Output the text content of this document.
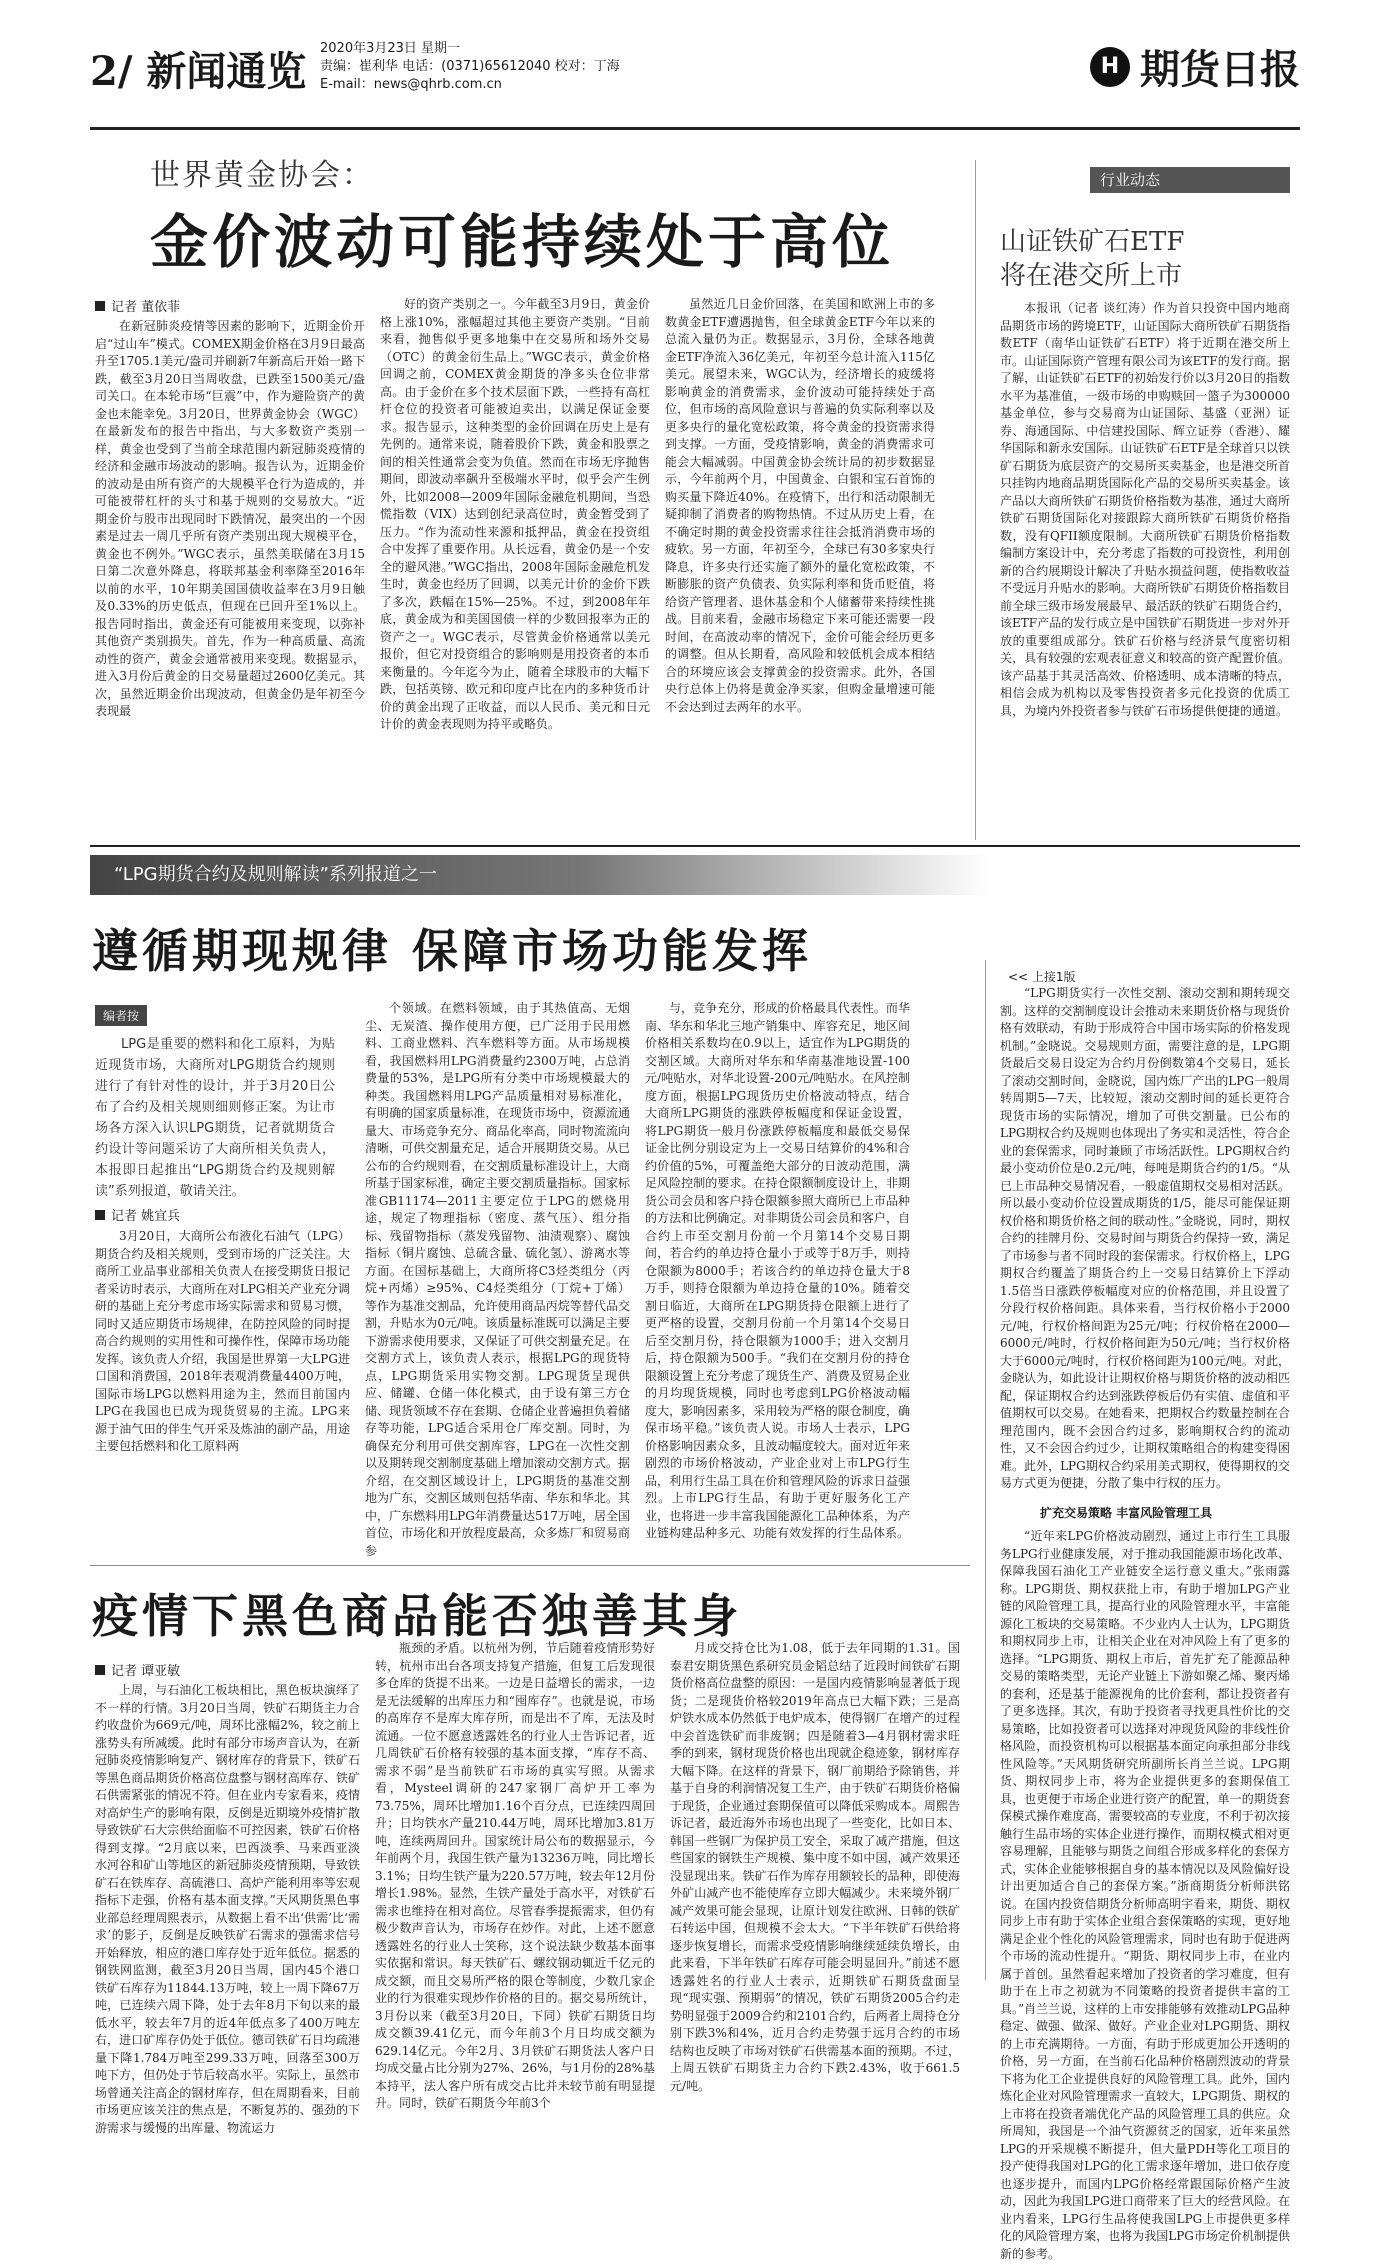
2/ 新闻通览 2020年3月23日 星期一
责编：崔利华 电话：(0371)65612040 校对：丁海
E-mail：news@qhrb.com.cn
H 期货日报
世界黄金协会：
金价波动可能持续处于高位
记者 董依菲

在新冠肺炎疫情等因素的影响下，近期金价开启“过山车”模式。COMEX期金价格在3月9日最高升至1705.1美元/盎司并刷新7年新高后开始一路下跌，截至3月20日当周收盘，已跌至1500美元/盎司关口。在本轮市场“巨震”中，作为避险资产的黄金也未能幸免。3月20日，世界黄金协会（WGC）在最新发布的报告中指出，与大多数资产类别一样，黄金也受到了当前全球范围内新冠肺炎疫情的经济和金融市场波动的影响。报告认为，近期金价的波动是由所有资产的大规模平仓行为造成的，并可能被带杠杆的头寸和基于规则的交易放大。“近期金价与股市出现同时下跌情况，最突出的一个因素是过去一周几乎所有资产类别出现大规模平仓，黄金也不例外。”WGC表示，虽然美联储在3月15日第二次意外降息，将联邦基金利率降至2016年以前的水平，10年期美国国债收益率在3月9日触及0.33%的历史低点，但现在已回升至1%以上。报告同时指出，黄金还有可能被用来变现，以弥补其他资产类别损失。首先，作为一种高质量、高流动性的资产，黄金会通常被用来变现。数据显示，进入3月份后黄金的日交易量超过2600亿美元。其次，虽然近期金价出现波动，但黄金仍是年初至今表现最

好的资产类别之一。今年截至3月9日，黄金价格上涨10%，涨幅超过其他主要资产类别。“目前来看，抛售似乎更多地集中在交易所和场外交易（OTC）的黄金衍生品上。”WGC表示，黄金价格回调之前，COMEX黄金期货的净多头仓位非常高。由于金价在多个技术层面下跌，一些持有高杠杆仓位的投资者可能被迫卖出，以满足保证金要求。报告显示，这种类型的金价回调在历史上是有先例的。通常来说，随着股价下跌，黄金和股票之间的相关性通常会变为负值。然而在市场无序抛售期间，即波动率飙升至极端水平时，似乎会产生例外，比如2008—2009年国际金融危机期间，当恐慌指数（VIX）达到创纪录高位时，黄金暂受到了压力。“作为流动性来源和抵押品，黄金在投资组合中发挥了重要作用。从长远看，黄金仍是一个安全的避风港。”WGC指出，2008年国际金融危机发生时，黄金也经历了回调，以美元计价的金价下跌了多次，跌幅在15%—25%。不过，到2008年年底，黄金成为和美国国债一样的少数回报率为正的资产之一。WGC表示，尽管黄金价格通常以美元报价，但它对投资组合的影响则是用投资者的本币来衡量的。今年迄今为止，随着全球股市的大幅下跌，包括英镑、欧元和印度卢比在内的多种货币计价的黄金出现了正收益，而以人民币、美元和日元计价的黄金表现则为持平或略负。

虽然近几日金价回落，在美国和欧洲上市的多数黄金ETF遭遇抛售，但全球黄金ETF今年以来的总流入量仍为正。数据显示，3月份，全球各地黄金ETF净流入36亿美元，年初至今总计流入115亿美元。展望未来，WGC认为，经济增长的疲缓将影响黄金的消费需求，金价波动可能持续处于高位，但市场的高风险意识与普遍的负实际利率以及更多央行的量化宽松政策，将令黄金的投资需求得到支撑。一方面，受疫情影响，黄金的消费需求可能会大幅减弱。中国黄金协会统计局的初步数据显示，今年前两个月，中国黄金、白银和宝石首饰的购买量下降近40%。在疫情下，出行和活动限制无疑抑制了消费者的购物热情。不过从历史上看，在不确定时期的黄金投资需求往往会抵消消费市场的疲软。另一方面，年初至今，全球已有30多家央行降息，许多央行还实施了额外的量化宽松政策，不断膨胀的资产负债表、负实际利率和货币贬值，将给资产管理者、退休基金和个人储蓄带来持续性挑战。目前来看，金融市场稳定下来可能还需要一段时间，在高波动率的情况下，金价可能会经历更多的调整。但从长期看，高风险和较低机会成本相结合的环境应该会支撑黄金的投资需求。此外，各国央行总体上仍将是黄金净买家，但购金量增速可能不会达到过去两年的水平。

行业动态
山证铁矿石ETF
将在港交所上市

本报讯（记者 谈红涛）作为首只投资中国内地商品期货市场的跨境ETF，山证国际大商所铁矿石期货指数ETF（南华山证铁矿石ETF）将于近期在港交所上市。山证国际资产管理有限公司为该ETF的发行商。据了解，山证铁矿石ETF的初始发行价以3月20日的指数水平为基准值，一级市场的申购赎回一篮子为300000基金单位，参与交易商为山证国际、基盛（亚洲）证券、海通国际、中信建投国际、辉立证券（香港）、耀华国际和新永安国际。山证铁矿石ETF是全球首只以铁矿石期货为底层资产的交易所买卖基金，也是港交所首只挂钩内地商品期货国际化产品的交易所买卖基金。该产品以大商所铁矿石期货价格指数为基准，通过大商所铁矿石期货国际化对接跟踪大商所铁矿石期货价格指数，没有QFII额度限制。大商所铁矿石期货价格指数编制方案设计中，充分考虑了指数的可投资性，利用创新的合约展期设计解决了升贴水损益问题，使指数收益不受远月升贴水的影响。大商所铁矿石期货价格指数目前全球三级市场发展最早、最活跃的铁矿石期货合约，该ETF产品的发行成立是中国铁矿石期货进一步对外开放的重要组成部分。铁矿石价格与经济景气度密切相关，具有较强的宏观表征意义和较高的资产配置价值。该产品基于其灵活高效、价格透明、成本清晰的特点，相信会成为机构以及零售投资者多元化投资的优质工具，为境内外投资者参与铁矿石市场提供便捷的通道。

“LPG期货合约及规则解读”系列报道之一
遵循期现规律 保障市场功能发挥
编者按
LPG是重要的燃料和化工原料，为贴近现货市场，大商所对LPG期货合约规则进行了有针对性的设计，并于3月20日公布了合约及相关规则细则修正案。为让市场各方深入认识LPG期货，记者就期货合约设计等问题采访了大商所相关负责人，本报即日起推出“LPG期货合约及规则解读”系列报道，敬请关注。
记者 姚宜兵

3月20日，大商所公布液化石油气（LPG）期货合约及相关规则，受到市场的广泛关注。大商所工业品事业部相关负责人在接受期货日报记者采访时表示，大商所在对LPG相关产业充分调研的基础上充分考虑市场实际需求和贸易习惯，同时又适应期货市场规律，在防控风险的同时提高合约规则的实用性和可操作性，保障市场功能发挥。该负责人介绍，我国是世界第一大LPG进口国和消费国，2018年表观消费量4400万吨，国际市场LPG以燃料用途为主，然而目前国内LPG在我国也已成为现货贸易的主流。LPG来源于油气田的伴生气开采及炼油的副产品，用途主要包括燃料和化工原料两

个领域。在燃料领域，由于其热值高、无烟尘、无炭渣、操作使用方便，已广泛用于民用燃料、工商业燃料、汽车燃料等方面。从市场规模看，我国燃料用LPG消费量约2300万吨，占总消费量的53%，是LPG所有分类中市场规模最大的种类。我国燃料用LPG产品质量相对易标准化，有明确的国家质量标准，在现货市场中，资源流通量大、市场竞争充分、商品化率高，同时物流流向清晰，可供交割量充足，适合开展期货交易。从已公布的合约规则看，在交割质量标准设计上，大商所基于国家标准，确定主要交割质量指标。国家标准GB11174—2011主要定位于LPG的燃烧用途，规定了物理指标（密度、蒸气压）、组分指标、残留物指标（蒸发残留物、油渍观察）、腐蚀指标（铜片腐蚀、总硫含量、硫化氢）、游离水等方面。在国标基础上，大商所将C3烃类组分（丙烷+丙烯）≥95%、C4烃类组分（丁烷+丁烯）等作为基准交割品，允许使用商品丙烷等替代品交割，升贴水为0元/吨。该质量标准既可以满足主要下游需求使用要求，又保证了可供交割量充足。在交割方式上，该负责人表示，根据LPG的现货特点，LPG期货采用实物交割。LPG现货呈现供应、储罐、仓储一体化模式，由于设有第三方仓储、现货领域不存在套期、仓储企业普遍担负着储存等功能，LPG适合采用仓厂库交割。同时，为确保充分利用可供交割库容，LPG在一次性交割以及期转现交割制度基础上增加滚动交割方式。据介绍，在交割区域设计上，LPG期货的基准交割地为广东，交割区域则包括华南、华东和华北。其中，广东燃料用LPG年消费量达517万吨，居全国首位，市场化和开放程度最高，众多炼厂和贸易商参

与，竞争充分，形成的价格最具代表性。而华南、华东和华北三地产销集中、库容充足，地区间价格相关系数均在0.9以上，适宜作为LPG期货的交割区域。大商所对华东和华南基准地设置-100元/吨贴水，对华北设置-200元/吨贴水。在风控制度方面，根据LPG现货历史价格波动特点，结合大商所LPG期货的涨跌停板幅度和保证金设置，将LPG期货一般月份涨跌停板幅度和最低交易保证金比例分别设定为上一交易日结算价的4%和合约价值的5%，可覆盖绝大部分的日波动范围，满足风险控制的要求。在持仓限额制度设计上，非期货公司会员和客户持仓限额参照大商所已上市品种的方法和比例确定。对非期货公司会员和客户，自合约上市至交割月份前一个月第14个交易日期间，若合约的单边持仓量小于或等于8万手，则持仓限额为8000手；若该合约的单边持仓量大于8万手，则持仓限额为单边持仓量的10%。随着交割日临近，大商所在LPG期货持仓限额上进行了更严格的设置，交割月份前一个月第14个交易日后至交割月份，持仓限额为1000手；进入交割月后，持仓限额为500手。“我们在交割月份的持仓限额设置上充分考虑了现货生产、消费及贸易企业的月均现货规模，同时也考虑到LPG价格波动幅度大，影响因素多，采用较为严格的限仓制度，确保市场平稳。”该负责人说。市场人士表示，LPG价格影响因素众多，且波动幅度较大。面对近年来剧烈的市场价格波动，产业企业对上市LPG行生品，利用行生品工具在价和管理风险的诉求日益强烈。上市LPG行生品，有助于更好服务化工产业，也将进一步丰富我国能源化工品种体系，为产业链构建品种多元、功能有效发挥的行生品体系。

<< 上接1版

“LPG期货实行一次性交割、滚动交割和期转现交割。这样的交割制度设计会推动未来期货价格与现货价格有效联动，有助于形成符合中国市场实际的价格发现机制。”金晓说。交易规则方面，需要注意的是，LPG期货最后交易日设定为合约月份倒数第4个交易日，延长了滚动交割时间，金晓说，国内炼厂产出的LPG一般周转周期5—7天，比较短，滚动交割时间的延长更符合现货市场的实际情况，增加了可供交割量。已公布的LPG期权合约及规则也体现出了务实和灵活性，符合企业的套保需求，同时兼顾了市场活跃性。LPG期权合约最小变动价位是0.2元/吨，每吨是期货合约的1/5。“从已上市品种交易情况看，一般虚值期权交易相对活跃。所以最小变动价位设置成期货的1/5，能尽可能保证期权价格和期货价格之间的联动性。”金晓说，同时，期权合约的挂牌月份、交易时间与期货合约保持一致，满足了市场参与者不同时段的套保需求。行权价格上，LPG期权合约覆盖了期货合约上一交易日结算价上下浮动1.5倍当日涨跌停板幅度对应的价格范围，并且设置了分段行权价格间距。具体来看，当行权价格小于2000元/吨，行权价格间距为25元/吨；行权价格在2000—6000元/吨时，行权价格间距为50元/吨；当行权价格大于6000元/吨时，行权价格间距为100元/吨。对此，金晓认为，如此设计让期权价格与期货价格的波动相匹配，保证期权合约达到涨跌停板后仍有实值、虚值和平值期权可以交易。在她看来，把期权合约数量控制在合理范围内，既不会因合约过多，影响期权合约的流动性，又不会因合约过少，让期权策略组合的构建变得困难。此外，LPG期权合约采用美式期权，使得期权的交易方式更为便捷，分散了集中行权的压力。

扩充交易策略 丰富风险管理工具

“近年来LPG价格波动剧烈，通过上市行生工具服务LPG行业健康发展，对于推动我国能源市场化改革、保障我国石油化工产业链安全运行意义重大。”张雨露称。LPG期货、期权获批上市，有助于增加LPG产业链的风险管理工具，提高行业的风险管理水平，丰富能源化工板块的交易策略。不少业内人士认为，LPG期货和期权同步上市，让相关企业在对冲风险上有了更多的选择。“LPG期货、期权上市后，首先扩充了能源品种交易的策略类型，无论产业链上下游如聚乙烯、聚丙烯的套利，还是基于能源视角的比价套利，都让投资者有了更多选择。其次，有助于投资者寻找更具性价比的交易策略，比如投资者可以选择对冲现货风险的非线性价格风险，而投资机构可以根据基本面定向承担部分非线性风险等。”天风期货研究所副所长肖兰兰说。LPG期货、期权同步上市，将为企业提供更多的套期保值工具，也更便于市场企业进行资产的配置，单一的期货套保模式操作难度高，需要较高的专业度，不利于初次接触行生品市场的实体企业进行操作，而期权模式相对更容易理解，且能够与期货之间组合形成多样化的套保方式，实体企业能够根据自身的基本情况以及风险偏好设计出更加适合自己的套保方案。”浙商期货分析师洪铭说。在国内投资信期货分析师高明宇看来，期货、期权同步上市有助于实体企业组合套保策略的实现，更好地满足企业个性化的风险管理需求，同时也有助于促进两个市场的流动性提升。“期货、期权同步上市，在业内属于首创。虽然看起来增加了投资者的学习难度，但有助于在上市之初就为不同策略的投资者提供丰富的工具。”肖兰兰说，这样的上市安排能够有效推动LPG品种稳定、做强、做深、做好。产业企业对LPG期货、期权的上市充满期待。一方面，有助于形成更加公开透明的价格，另一方面，在当前石化品种价格剧烈波动的背景下将为化工企业提供良好的风险管理工具。此外，国内炼化企业对风险管理需求一直较大，LPG期货、期权的上市将在投资者端优化产品的风险管理工具的供应。众所周知，我国是一个油气资源贫乏的国家，近年来虽然LPG的开采规模不断提升，但大量PDH等化工项目的投产使得我国对LPG的化工需求逐年增加，进口依存度也逐步提升，而国内LPG价格经常跟国际价格产生波动，因此为我国LPG进口商带来了巨大的经营风险。在业内看来，LPG行生品将使我国LPG上市提供更多样化的风险管理方案，也将为我国LPG市场定价机制提供新的参考。

疫情下黑色商品能否独善其身
记者 谭亚敏

上周，与石油化工板块相比，黑色板块演绎了不一样的行情。3月20日当周，铁矿石期货主力合约收盘价为669元/吨，周环比涨幅2%，较之前上涨势头有所减缓。此时有部分市场声音认为，在新冠肺炎疫情影响复产、钢材库存的背景下，铁矿石等黑色商品期货价格高位盘整与钢材高库存、铁矿石供需紧张的情况不符。但在业内专家看来，疫情对高炉生产的影响有限，反倒是近期境外疫情扩散导致铁矿石大宗供给面临不可控因素，铁矿石价格得到支撑。“2月底以来，巴西淡季、马来西亚淡水河谷和矿山等地区的新冠肺炎疫情预期，导致铁矿石在铁库存、高硫港口、高炉产能利用率等宏观指标下走强，价格有基本面支撑。”天风期货黑色事业部总经理周熙表示，从数据上看不出‘供需’比‘需求’的影子，反倒是反映铁矿石需求的强需求信号开始释放，相应的港口库存处于近年低位。据悉的钢铁网监测，截至3月20日当周，国内45个港口铁矿石库存为11844.13万吨，较上一周下降67万吨，已连续六周下降，处于去年8月下旬以来的最低水平，较去年7月的近4年低点多了400万吨左右，进口矿库存仍处于低位。德司铁矿石日均疏港量下降1.784万吨至299.33万吨，回落至300万吨下方，但仍处于节后较高水平。实际上，虽然市场曾通关注高企的钢材库存，但在周期看来，目前市场更应该关注的焦点是，不断复苏的、强劲的下游需求与缓慢的出库量、物流运力

瓶颈的矛盾。以杭州为例，节后随着疫情形势好转，杭州市出台各项支持复产措施，但复工后发现很多仓库的货提不出来。一边是日益增长的需求，一边是无法缓解的出库压力和“囤库存”。也就是说，市场的高库存不是库大库存所，而是出不了库，无法及时流通。一位不愿意透露姓名的行业人士告诉记者，近几周铁矿石价格有较强的基本面支撑，“库存不高、需求不弱”是当前铁矿石市场的真实写照。从需求看，Mysteel调研的247家钢厂高炉开工率为73.75%，周环比增加1.16个百分点，已连续四周回升；日均铁水产量210.44万吨，周环比增加3.81万吨，连续两周回升。国家统计局公布的数据显示，今年前两个月，我国生铁产量为13236万吨，同比增长3.1%；日均生铁产量为220.57万吨，较去年12月份增长1.98%。显然，生铁产量处于高水平，对铁矿石需求也维持在相对高位。尽管春季提振需求，但仍有极少数声音认为，市场存在炒作。对此，上述不愿意透露姓名的行业人士笑称，这个说法缺少数基本面事实依据和常识。每天铁矿石、螺纹钢动辄近千亿元的成交额，而且交易所严格的限仓等制度，少数几家企业的行为很难实现炒作价格的目的。据交易所统计，3月份以来（截至3月20日，下同）铁矿石期货日均成交额39.41亿元，而今年前3个月日均成交额为629.14亿元。今年2月、3月铁矿石期货法人客户日均成交量占比分别为27%、26%，与1月份的28%基本持平，法人客户所有成交占比并未较节前有明显提升。同时，铁矿石期货今年前3个

月成交持仓比为1.08，低于去年同期的1.31。国泰君安期货黑色系研究员金韬总结了近段时间铁矿石期货价格高位盘整的原因：一是国内疫情影响显著低于现货；二是现货价格较2019年高点已大幅下跌；三是高炉铁水成本仍然低于电炉成本，使得钢厂在增产的过程中会首选铁矿而非废钢；四是随着3—4月钢材需求旺季的到来，钢材现货价格也出现就企稳迹象，钢材库存大幅下降。在这样的背景下，钢厂前期给予除销售，并基于自身的利润情况复工生产，由于铁矿石期货价格偏于现货，企业通过套期保值可以降低采购成本。周熙告诉记者，最近海外市场也出现了一些变化，比如日本、韩国一些钢厂为保护员工安全，采取了减产措施，但这些国家的钢铁生产规模、集中度不如中国，减产效果还没显现出来。铁矿石作为库存用额较长的品种，即使海外矿山减产也不能使库存立即大幅减少。未来境外钢厂减产效果可能会显现，让原计划发往欧洲、日韩的铁矿石转运中国，但规模不会太大。“下半年铁矿石供给将逐步恢复增长，而需求受疫情影响继续延续负增长，由此来看，下半年铁矿石库存可能会明显回升。”前述不愿透露姓名的行业人士表示，近期铁矿石期货盘面呈现“现实强、预期弱”的情况，铁矿石期货2005合约走势明显强于2009合约和2101合约，后两者上周持仓分别下跌3%和4%，近月合约走势强于远月合约的市场结构也反映了市场对铁矿石供需基本面的预期。不过，上周五铁矿石期货主力合约下跌2.43%，收于661.5元/吨。
